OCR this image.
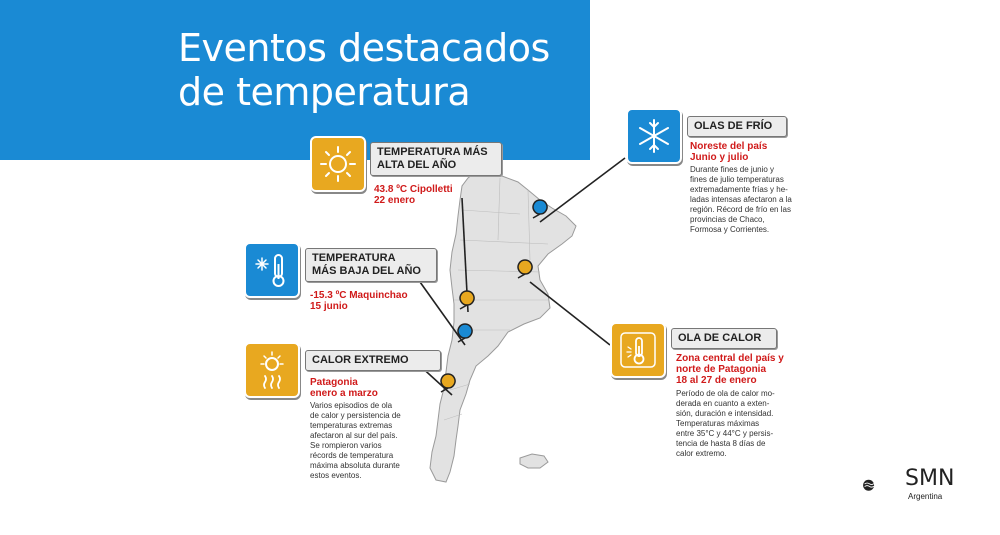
Eventos destacados
de temperatura
TEMPERATURA MÁS
ALTA DEL AÑO
43.8 ºC Cipolletti
22 enero
TEMPERATURA
MÁS BAJA DEL AÑO
-15.3 ºC Maquinchao
15 junio
CALOR EXTREMO
Patagonia
enero a marzo
Varios episodios de ola
de calor y persistencia de
temperaturas extremas
afectaron al sur del país.
Se rompieron varios
récords de temperatura
máxima absoluta durante
estos eventos.
OLAS DE FRÍO
Noreste del país
Junio y julio
Durante fines de junio y
fines de julio temperaturas
extremadamente frías y he-
ladas intensas afectaron a la
región. Récord de frío en las
provincias de Chaco,
Formosa y Corrientes.
OLA DE CALOR
Zona central del país y
norte de Patagonia
18 al 27 de enero
Período de ola de calor mo-
derada en cuanto a exten-
sión, duración e intensidad.
Temperaturas máximas
entre 35°C y 44°C y persis-
tencia de hasta 8 días de
calor extremo.
SMN
Argentina
